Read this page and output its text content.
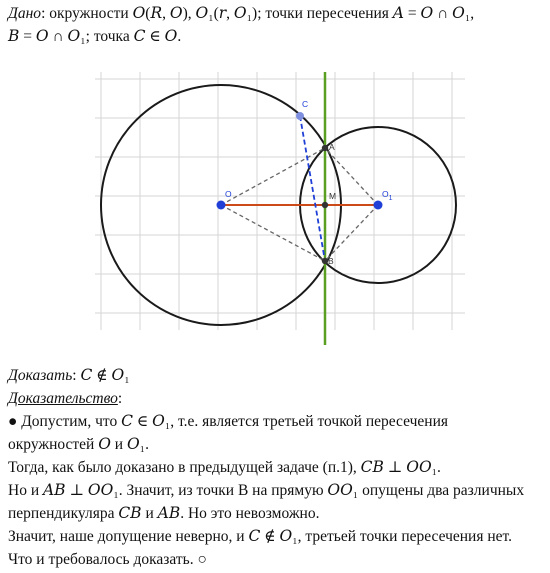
Дано: окружности 𝑂(𝑅, 𝑂), 𝑂₁(𝑟, 𝑂₁); точки пересечения 𝐴 = 𝑂 ∩ 𝑂₁,
𝐵 = 𝑂 ∩ 𝑂₁; точка 𝐶 ∈ 𝑂.
O	$O_1$
M
A
B
C
Доказать: 𝐶 ∉ 𝑂₁
Доказательство:
● Допустим, что 𝐶 ∈ 𝑂₁, т.е. является третьей точкой пересечения
окружностей 𝑂 и 𝑂₁.
Тогда, как было доказано в предыдущей задаче (п.1), 𝐶𝐵 ⊥ 𝑂𝑂₁.
Но и 𝐴𝐵 ⊥ 𝑂𝑂₁. Значит, из точки В на прямую 𝑂𝑂₁ опущены два различных
перпендикуляра 𝐶𝐵 и 𝐴𝐵. Но это невозможно.
Значит, наше допущение неверно, и 𝐶 ∉ 𝑂₁, третьей точки пересечения нет.
Что и требовалось доказать. ○
